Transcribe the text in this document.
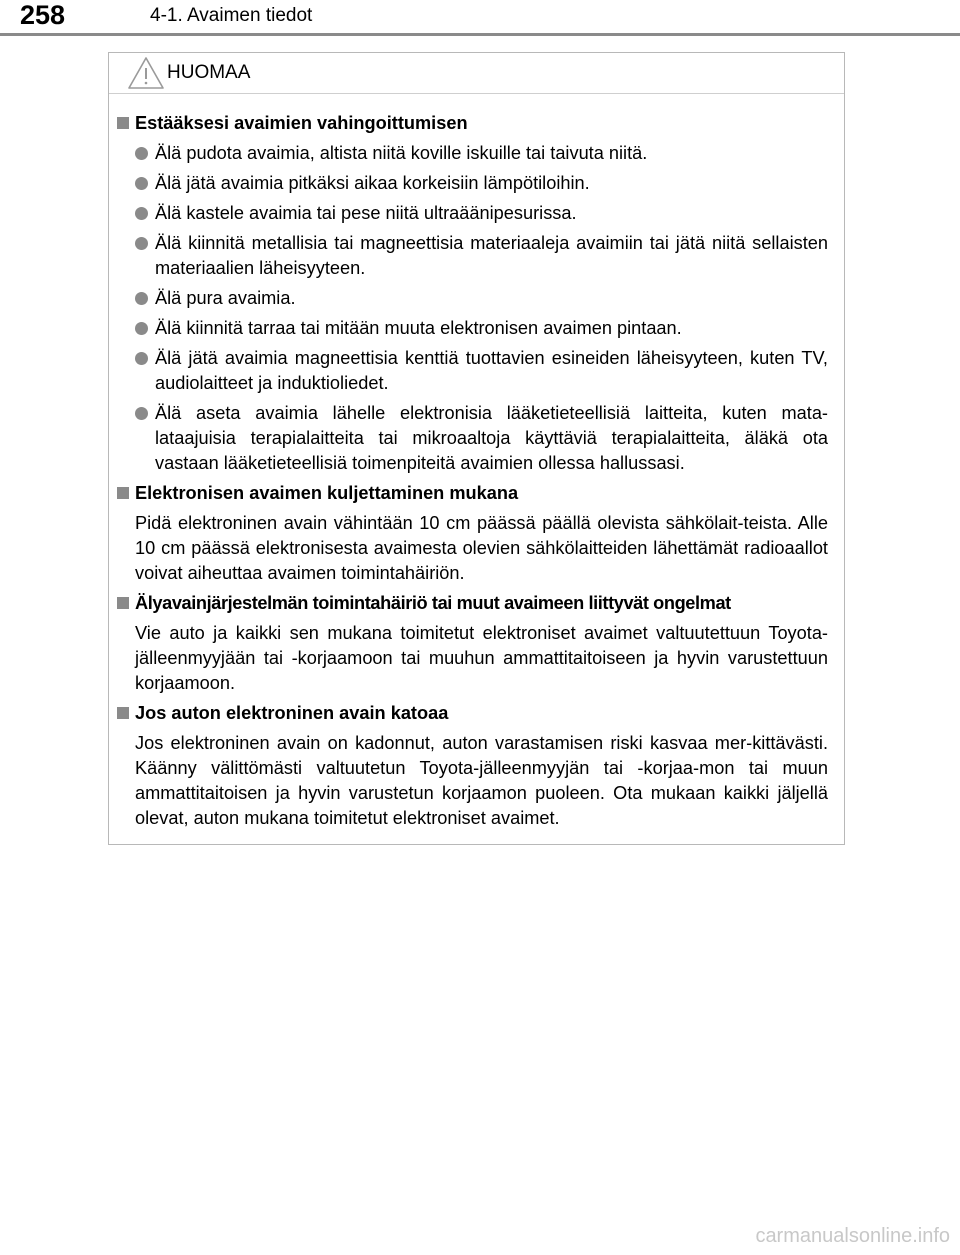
258	4-1. Avaimen tiedot
HUOMAA
Estääksesi avaimien vahingoittumisen
Älä pudota avaimia, altista niitä koville iskuille tai taivuta niitä.
Älä jätä avaimia pitkäksi aikaa korkeisiin lämpötiloihin.
Älä kastele avaimia tai pese niitä ultraäänipesurissa.
Älä kiinnitä metallisia tai magneettisia materiaaleja avaimiin tai jätä niitä sellaisten materiaalien läheisyyteen.
Älä pura avaimia.
Älä kiinnitä tarraa tai mitään muuta elektronisen avaimen pintaan.
Älä jätä avaimia magneettisia kenttiä tuottavien esineiden läheisyyteen, kuten TV, audiolaitteet ja induktioliedet.
Älä aseta avaimia lähelle elektronisia lääketieteellisiä laitteita, kuten mata-lataajuisia terapialaitteita tai mikroaaltoja käyttäviä terapialaitteita, äläkä ota vastaan lääketieteellisiä toimenpiteitä avaimien ollessa hallussasi.
Elektronisen avaimen kuljettaminen mukana
Pidä elektroninen avain vähintään 10 cm päässä päällä olevista sähkölait-teista. Alle 10 cm päässä elektronisesta avaimesta olevien sähkölaitteiden lähettämät radioaallot voivat aiheuttaa avaimen toimintahäiriön.
Älyavainjärjestelmän toimintahäiriö tai muut avaimeen liittyvät ongelmat
Vie auto ja kaikki sen mukana toimitetut elektroniset avaimet valtuutettuun Toyota-jälleenmyyjään tai -korjaamoon tai muuhun ammattitaitoiseen ja hyvin varustettuun korjaamoon.
Jos auton elektroninen avain katoaa
Jos elektroninen avain on kadonnut, auton varastamisen riski kasvaa mer-kittävästi. Käänny välittömästi valtuutetun Toyota-jälleenmyyjän tai -korjaa-mon tai muun ammattitaitoisen ja hyvin varustetun korjaamon puoleen. Ota mukaan kaikki jäljellä olevat, auton mukana toimitetut elektroniset avaimet.
carmanualsonline.info
